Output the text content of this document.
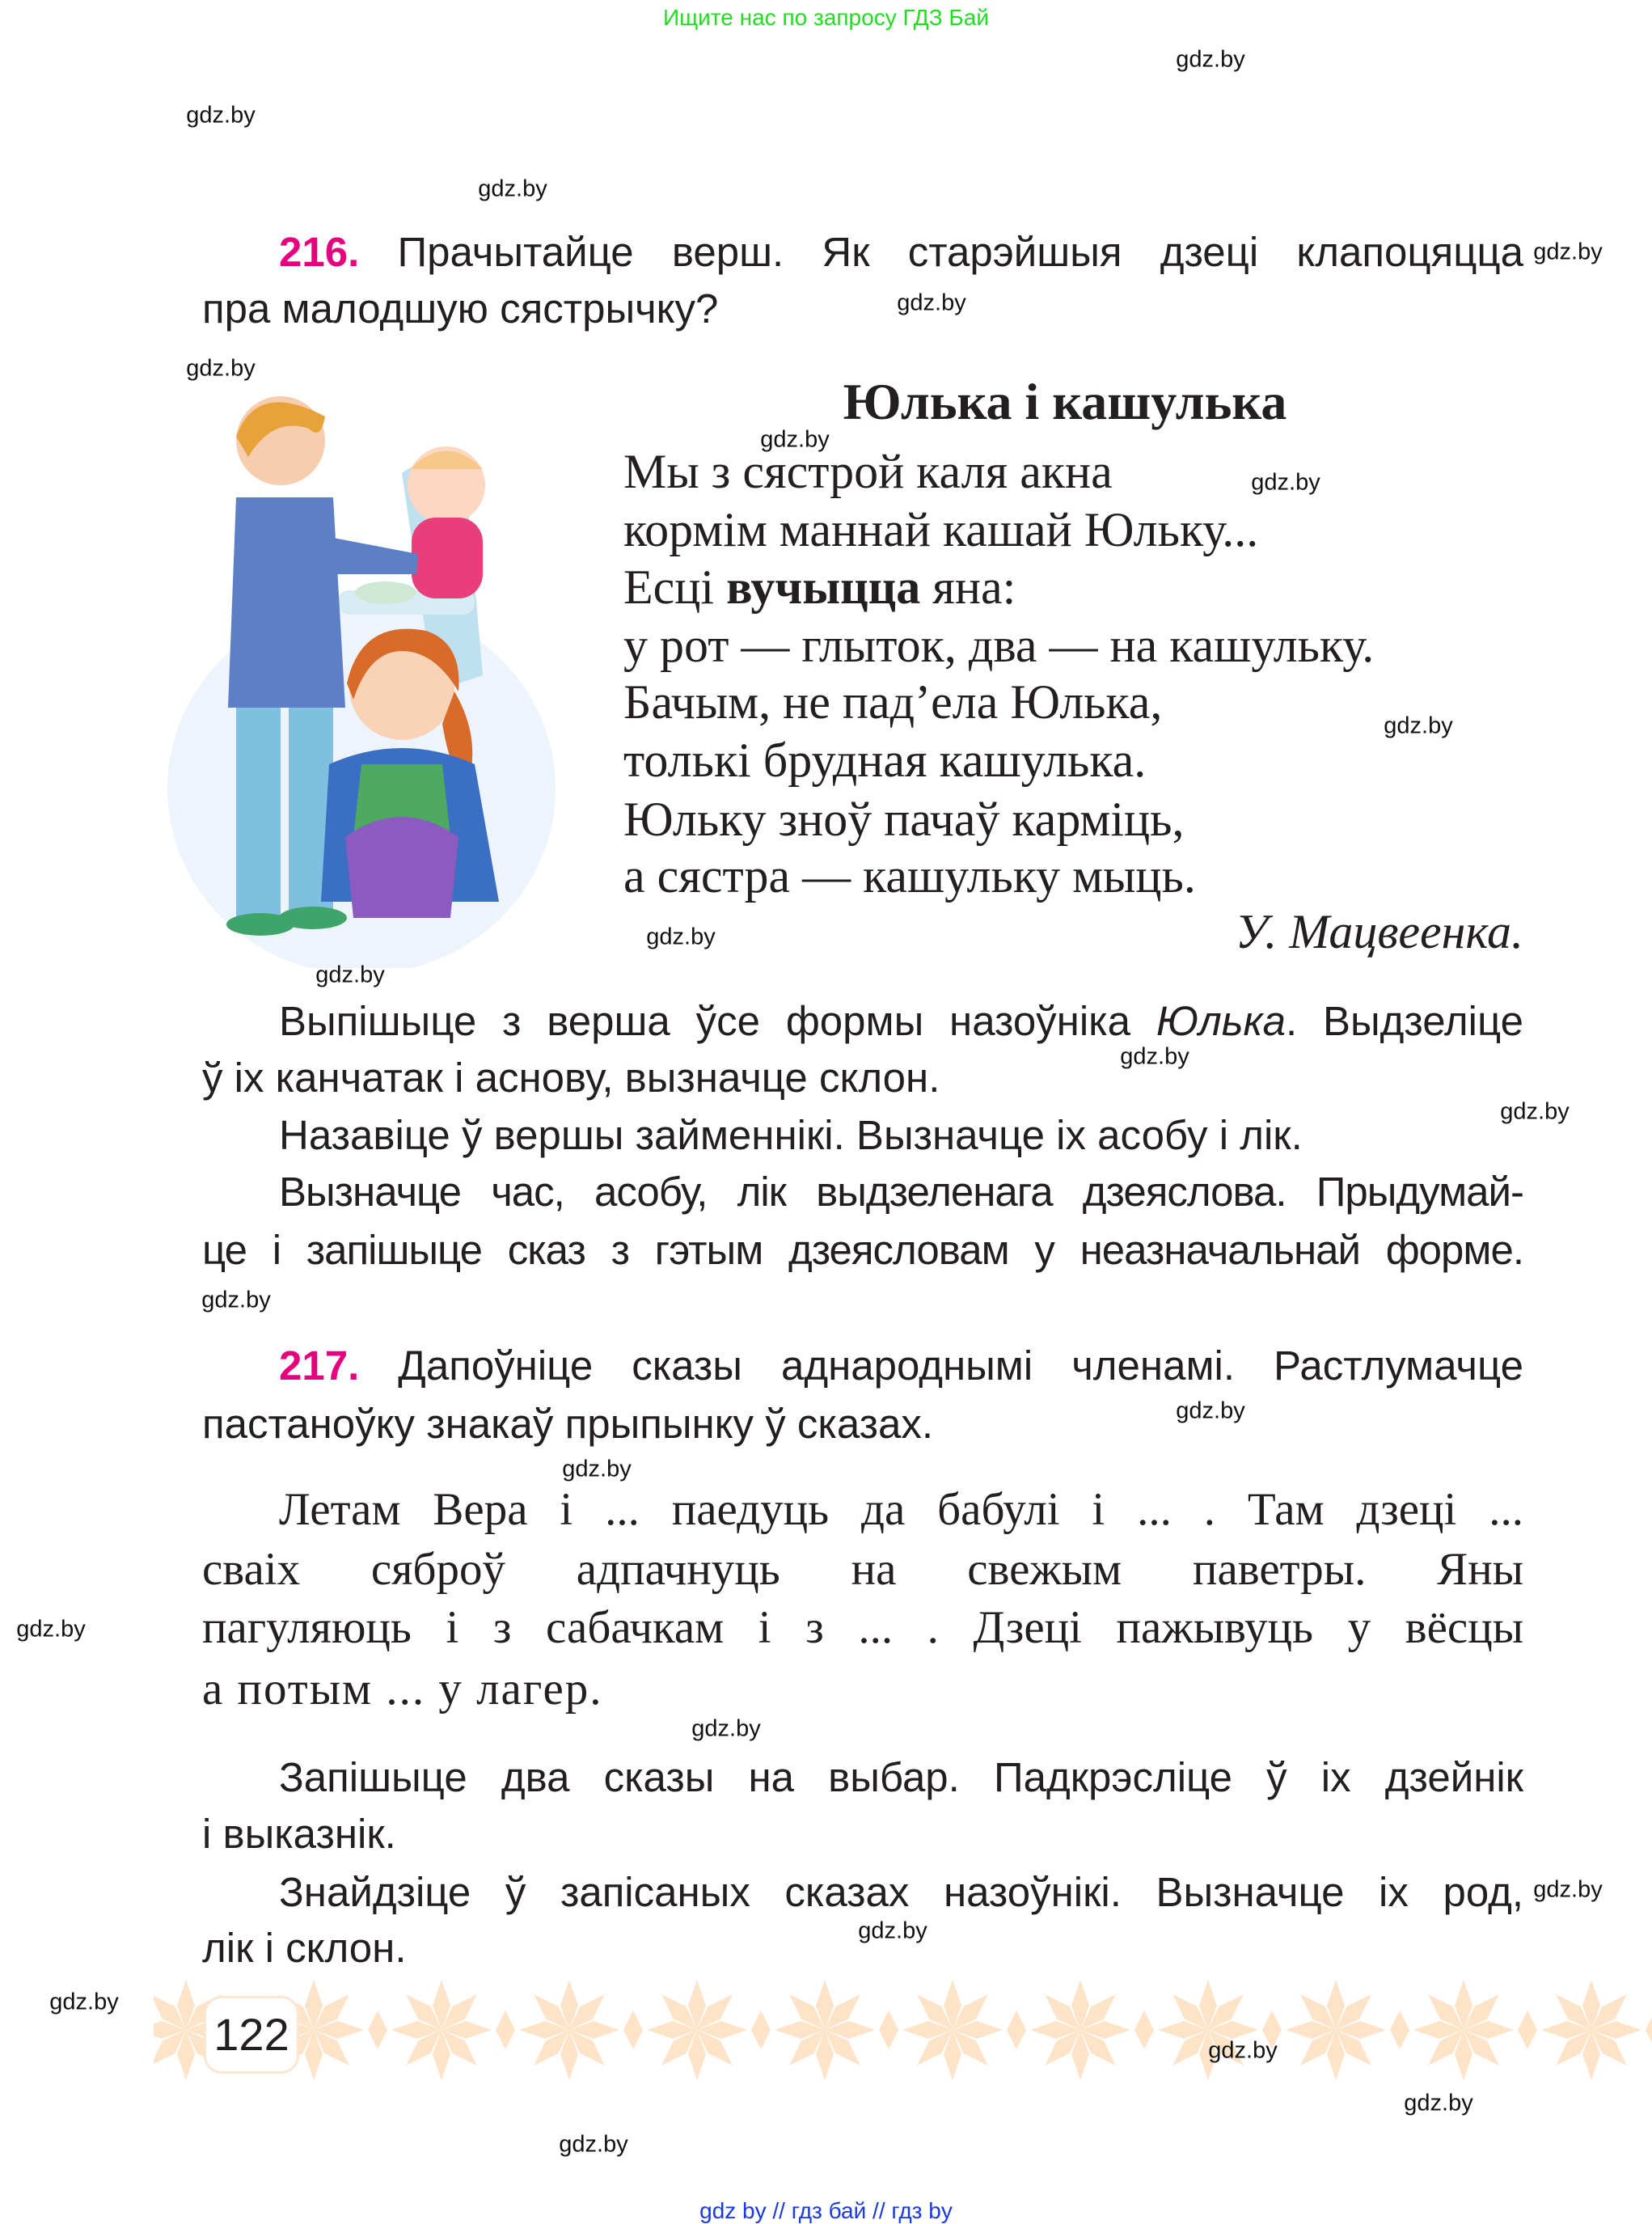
Ищите нас по запросу ГДЗ Бай
216. Прачытайце верш. Як старэйшыя дзеці клапоцяцца
пра малодшую сястрычку?
Юлька і кашулька
Мы з сястрой каля акна
кормім маннай кашай Юльку...
Есці вучыцца яна:
у рот — глыток, два — на кашульку.
Бачым, не пад’ела Юлька,
толькі брудная кашулька.
Юльку зноў пачаў карміць,
а сястра — кашульку мыць.
У. Мацвеенка.
Выпішыце з верша ўсе формы назоўніка Юлька. Выдзеліце
ў іх канчатак і аснову, вызначце склон.
Назавіце ў вершы займеннікі. Вызначце іх асобу і лік.
Вызначце час, асобу, лік выдзеленага дзеяслова. Прыдумай-
це і запішыце сказ з гэтым дзеясловам у неазначальнай форме.
217. Дапоўніце сказы аднароднымі членамі. Растлумачце
пастаноўку знакаў прыпынку ў сказах.
Летам Вера і ... паедуць да бабулі і ... . Там дзеці ...
сваіх сяброў адпачнуць на свежым паветры. Яны
пагуляюць і з сабачкам і з ... . Дзеці пажывуць у вёсцы
а потым ... у лагер.
Запішыце два сказы на выбар. Падкрэсліце ў іх дзейнік
і выказнік.
Знайдзіце ў запісаных сказах назоўнікі. Вызначце іх род,
лік і склон.
122
gdz.by
gdz.by
gdz.by
gdz.by
gdz.by
gdz.by
gdz.by
gdz.by
gdz.by
gdz.by
gdz.by
gdz.by
gdz.by
gdz.by
gdz.by
gdz.by
gdz.by
gdz.by
gdz.by
gdz.by
gdz.by
gdz.by
gdz.by
gdz.by
gdz by // гдз бай // гдз by
